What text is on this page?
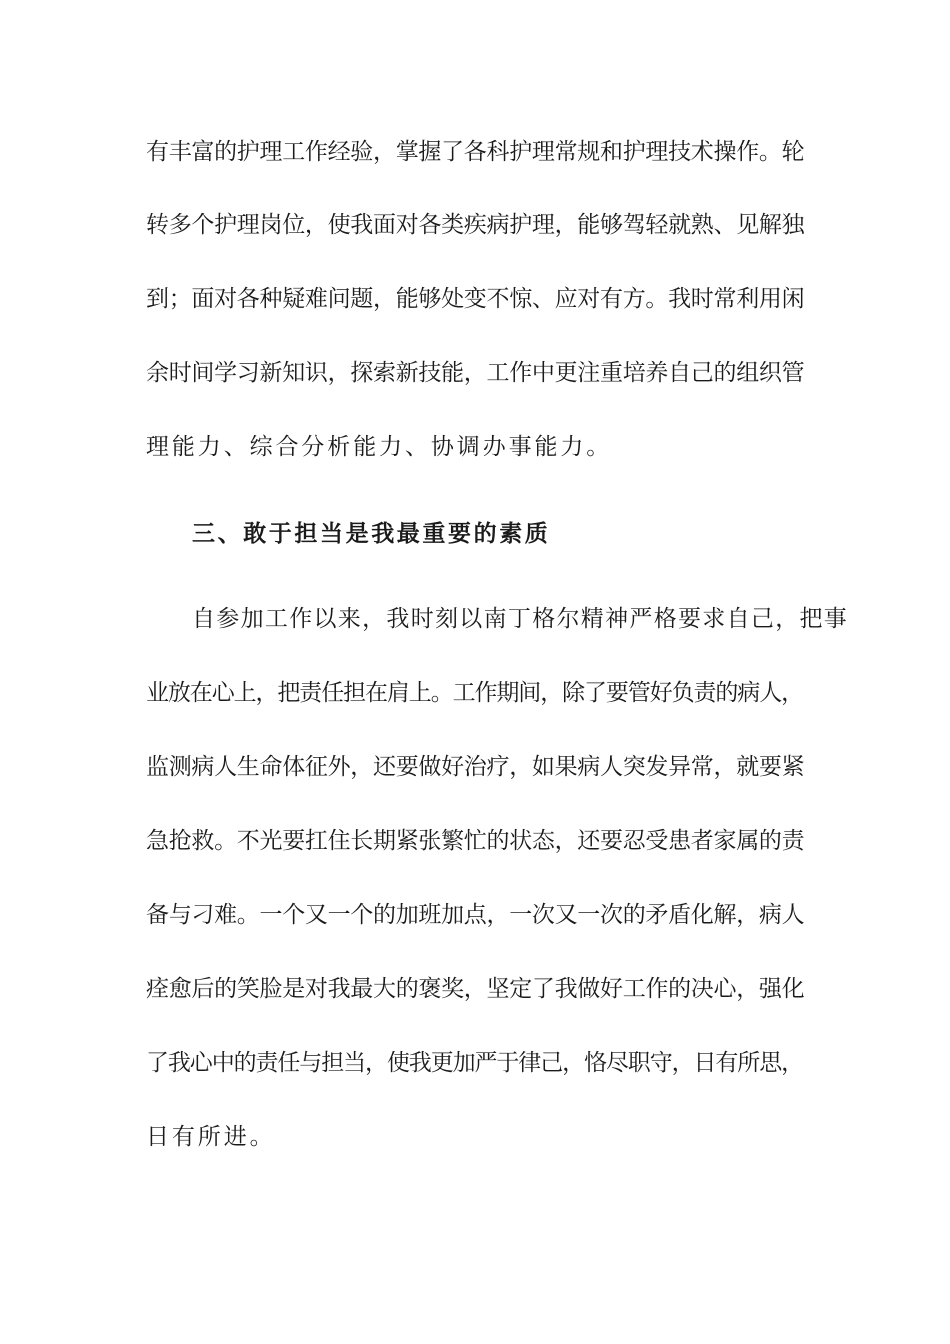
有丰富的护理工作经验，掌握了各科护理常规和护理技术操作。轮
转多个护理岗位，使我面对各类疾病护理，能够驾轻就熟、见解独
到；面对各种疑难问题，能够处变不惊、应对有方。我时常利用闲
余时间学习新知识，探索新技能，工作中更注重培养自己的组织管
理能力、综合分析能力、协调办事能力。
三、敢于担当是我最重要的素质
自参加工作以来，我时刻以南丁格尔精神严格要求自己，把事
业放在心上，把责任担在肩上。工作期间，除了要管好负责的病人，
监测病人生命体征外，还要做好治疗，如果病人突发异常，就要紧
急抢救。不光要扛住长期紧张繁忙的状态，还要忍受患者家属的责
备与刁难。一个又一个的加班加点，一次又一次的矛盾化解，病人
痊愈后的笑脸是对我最大的褒奖，坚定了我做好工作的决心，强化
了我心中的责任与担当，使我更加严于律己，恪尽职守，日有所思，
日有所进。
